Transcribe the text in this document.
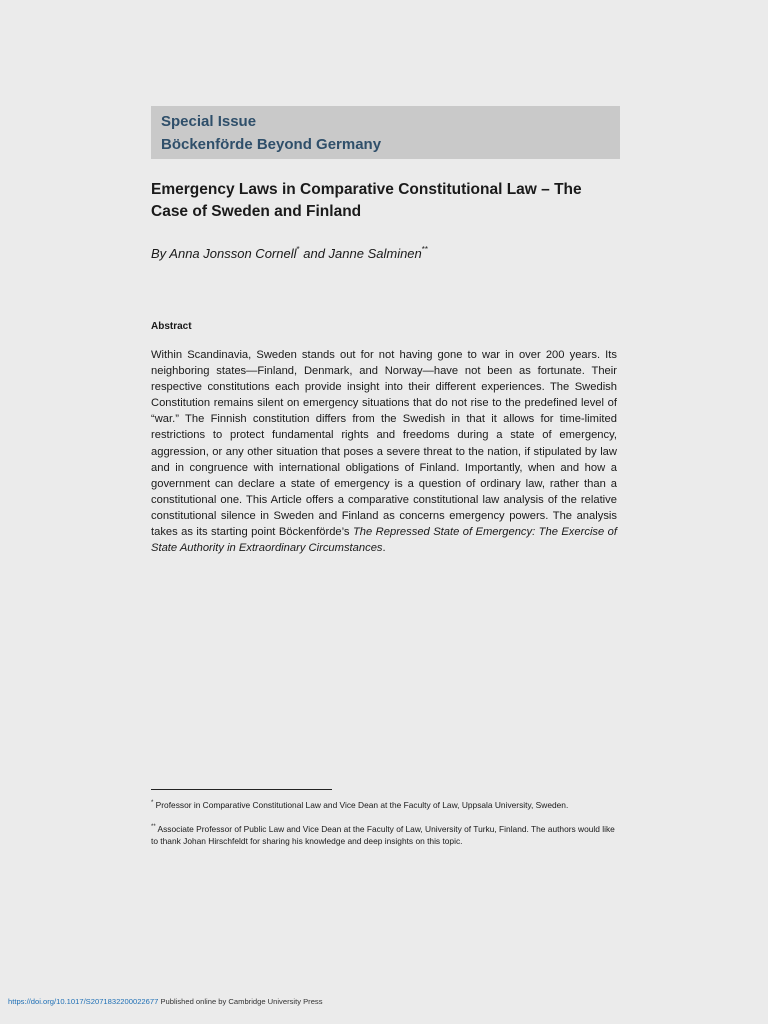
Special Issue
Böckenförde Beyond Germany
Emergency Laws in Comparative Constitutional Law – The Case of Sweden and Finland
By Anna Jonsson Cornell* and Janne Salminen**
Abstract
Within Scandinavia, Sweden stands out for not having gone to war in over 200 years. Its neighboring states—Finland, Denmark, and Norway—have not been as fortunate. Their respective constitutions each provide insight into their different experiences. The Swedish Constitution remains silent on emergency situations that do not rise to the predefined level of “war.” The Finnish constitution differs from the Swedish in that it allows for time-limited restrictions to protect fundamental rights and freedoms during a state of emergency, aggression, or any other situation that poses a severe threat to the nation, if stipulated by law and in congruence with international obligations of Finland. Importantly, when and how a government can declare a state of emergency is a question of ordinary law, rather than a constitutional one. This Article offers a comparative constitutional law analysis of the relative constitutional silence in Sweden and Finland as concerns emergency powers. The analysis takes as its starting point Böckenförde’s The Repressed State of Emergency: The Exercise of State Authority in Extraordinary Circumstances.
* Professor in Comparative Constitutional Law and Vice Dean at the Faculty of Law, Uppsala University, Sweden.
** Associate Professor of Public Law and Vice Dean at the Faculty of Law, University of Turku, Finland. The authors would like to thank Johan Hirschfeldt for sharing his knowledge and deep insights on this topic.
https://doi.org/10.1017/S2071832200022677 Published online by Cambridge University Press
